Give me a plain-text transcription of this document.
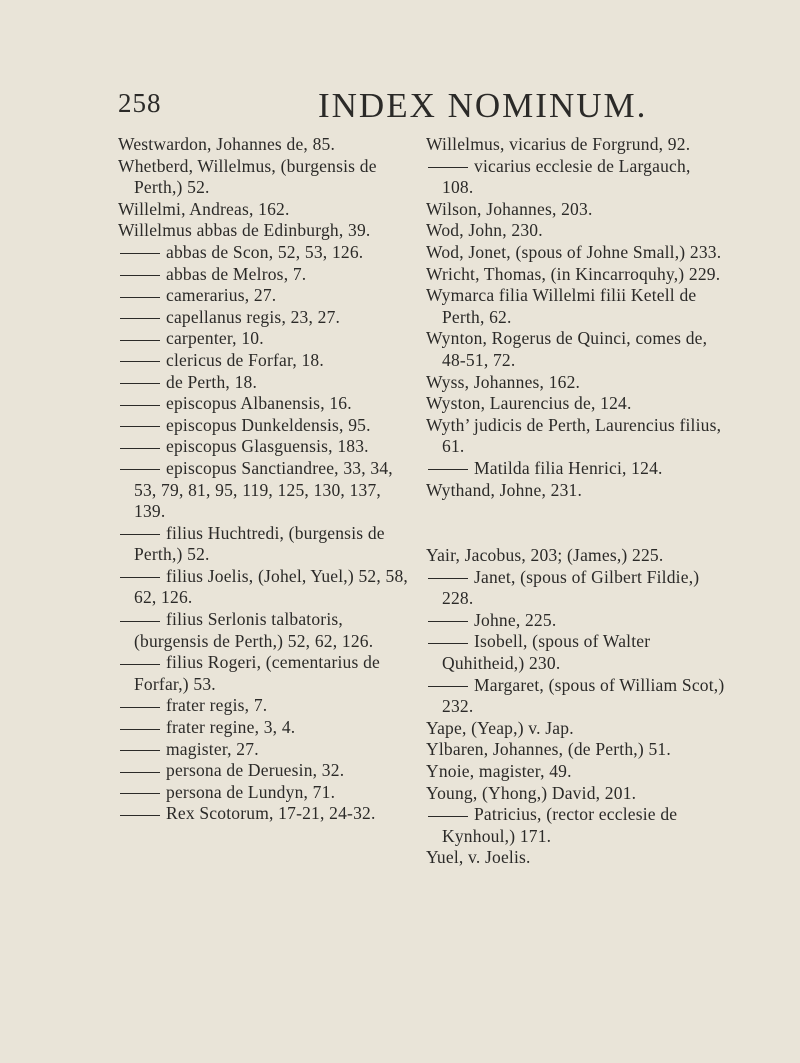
258	INDEX NOMINUM.

Westwardon, Johannes de, 85.

Whetberd, Willelmus, (burgensis de Perth,) 52.

Willelmi, Andreas, 162.

Willelmus abbas de Edinburgh, 39.

abbas de Scon, 52, 53, 126.

abbas de Melros, 7.

camerarius, 27.

capellanus regis, 23, 27.

carpenter, 10.

clericus de Forfar, 18.

de Perth, 18.

episcopus Albanensis, 16.

episcopus Dunkeldensis, 95.

episcopus Glasguensis, 183.

episcopus Sanctiandree, 33, 34, 53, 79, 81, 95, 119, 125, 130, 137, 139.

filius Huchtredi, (burgensis de Perth,) 52.

filius Joelis, (Johel, Yuel,) 52, 58, 62, 126.

filius Serlonis talbatoris, (burgensis de Perth,) 52, 62, 126.

filius Rogeri, (cementarius de Forfar,) 53.

frater regis, 7.

frater regine, 3, 4.

magister, 27.

persona de Deruesin, 32.

persona de Lundyn, 71.

Rex Scotorum, 17-21, 24-32.

Willelmus, vicarius de Forgrund, 92.

vicarius ecclesie de Largauch, 108.

Wilson, Johannes, 203.

Wod, John, 230.

Wod, Jonet, (spous of Johne Small,) 233.

Wricht, Thomas, (in Kincarroquhy,) 229.

Wymarca filia Willelmi filii Ketell de Perth, 62.

Wynton, Rogerus de Quinci, comes de, 48-51, 72.

Wyss, Johannes, 162.

Wyston, Laurencius de, 124.

Wyth’ judicis de Perth, Laurencius filius, 61.

Matilda filia Henrici, 124.

Wythand, Johne, 231.

Yair, Jacobus, 203; (James,) 225.

Janet, (spous of Gilbert Fildie,) 228.

Johne, 225.

Isobell, (spous of Walter Quhitheid,) 230.

Margaret, (spous of William Scot,) 232.

Yape, (Yeap,) v. Jap.

Ylbaren, Johannes, (de Perth,) 51.

Ynoie, magister, 49.

Young, (Yhong,) David, 201.

Patricius, (rector ecclesie de Kynhoul,) 171.

Yuel, v. Joelis.
